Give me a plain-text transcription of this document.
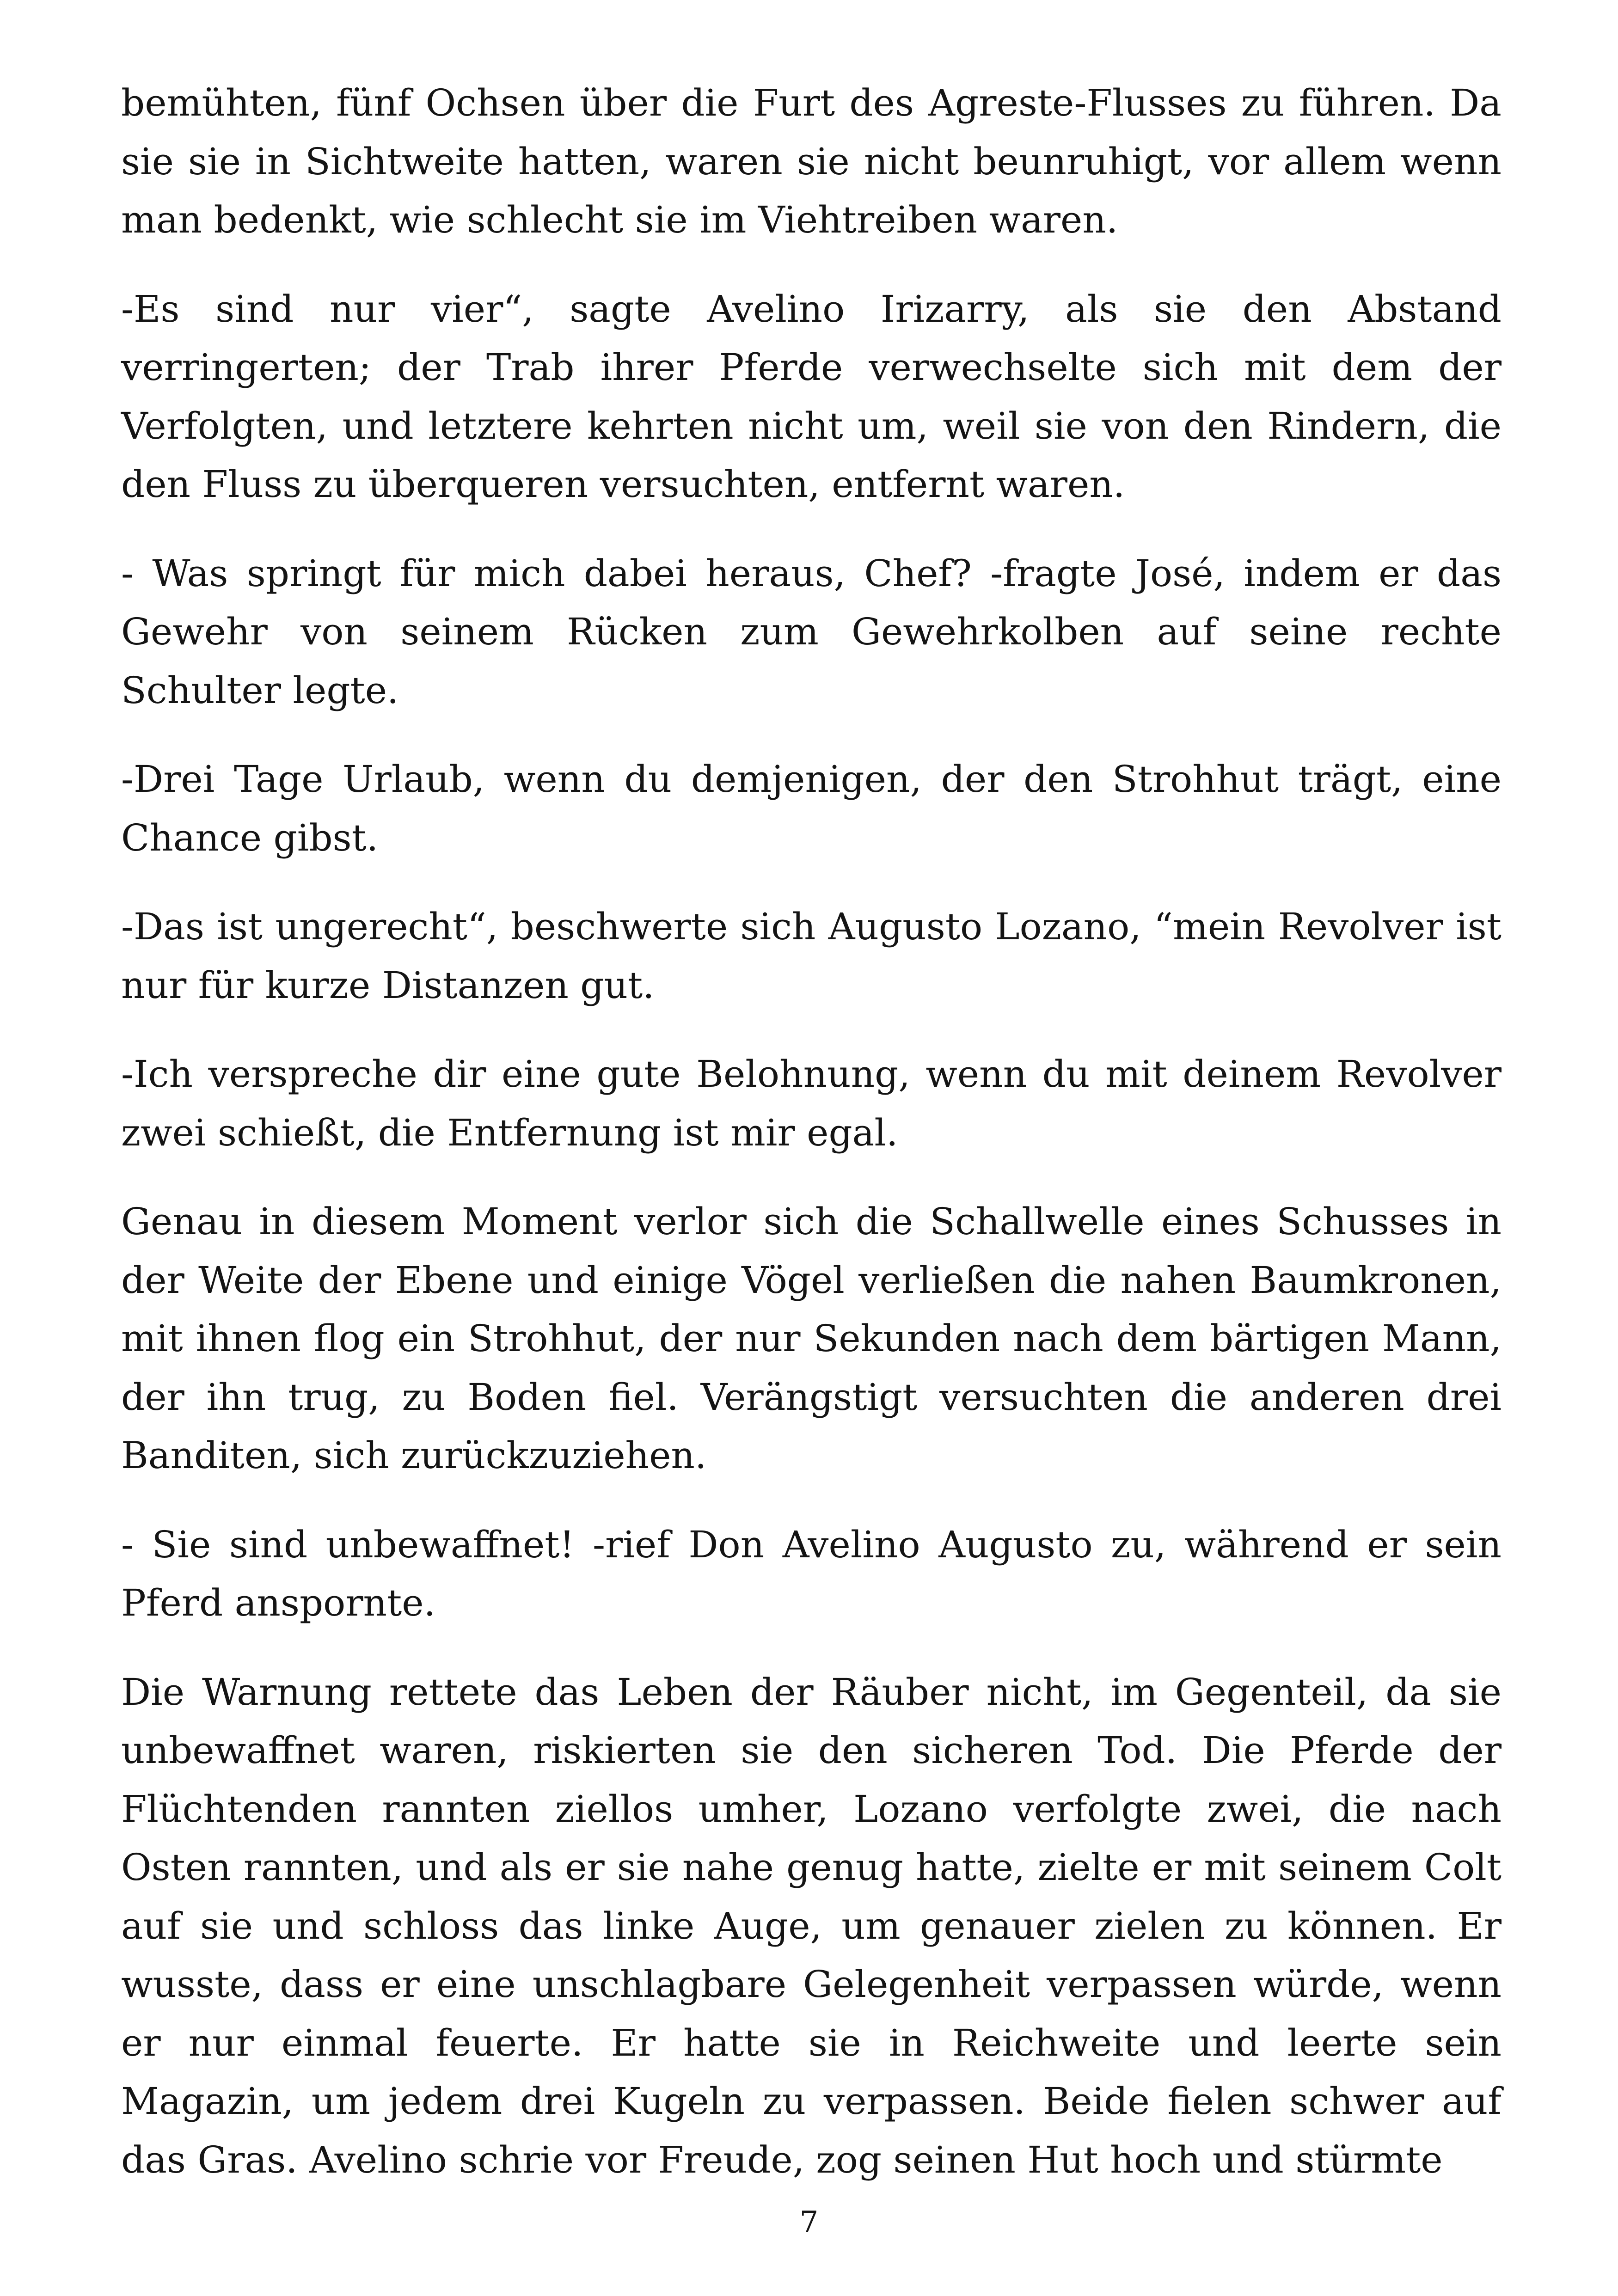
bemühten, fünf Ochsen über die Furt des Agreste-Flusses zu führen. Da sie sie in Sichtweite hatten, waren sie nicht beunruhigt, vor allem wenn man bedenkt, wie schlecht sie im Viehtreiben waren.

-Es sind nur vier“, sagte Avelino Irizarry, als sie den Abstand verringerten; der Trab ihrer Pferde verwechselte sich mit dem der Verfolgten, und letztere kehrten nicht um, weil sie von den Rindern, die den Fluss zu überqueren versuchten, entfernt waren.

- Was springt für mich dabei heraus, Chef? -fragte José, indem er das Gewehr von seinem Rücken zum Gewehrkolben auf seine rechte Schulter legte.

-Drei Tage Urlaub, wenn du demjenigen, der den Strohhut trägt, eine Chance gibst.

-Das ist ungerecht“, beschwerte sich Augusto Lozano, “mein Revolver ist nur für kurze Distanzen gut.

-Ich verspreche dir eine gute Belohnung, wenn du mit deinem Revolver zwei schießt, die Entfernung ist mir egal.

Genau in diesem Moment verlor sich die Schallwelle eines Schusses in der Weite der Ebene und einige Vögel verließen die nahen Baumkronen, mit ihnen flog ein Strohhut, der nur Sekunden nach dem bärtigen Mann, der ihn trug, zu Boden fiel. Verängstigt versuchten die anderen drei Banditen, sich zurückzuziehen.

- Sie sind unbewaffnet! -rief Don Avelino Augusto zu, während er sein Pferd anspornte.

Die Warnung rettete das Leben der Räuber nicht, im Gegenteil, da sie unbewaffnet waren, riskierten sie den sicheren Tod. Die Pferde der Flüchtenden rannten ziellos umher, Lozano verfolgte zwei, die nach Osten rannten, und als er sie nahe genug hatte, zielte er mit seinem Colt auf sie und schloss das linke Auge, um genauer zielen zu können. Er wusste, dass er eine unschlagbare Gelegenheit verpassen würde, wenn er nur einmal feuerte. Er hatte sie in Reichweite und leerte sein Magazin, um jedem drei Kugeln zu verpassen. Beide fielen schwer auf das Gras. Avelino schrie vor Freude, zog seinen Hut hoch und stürmte

7
